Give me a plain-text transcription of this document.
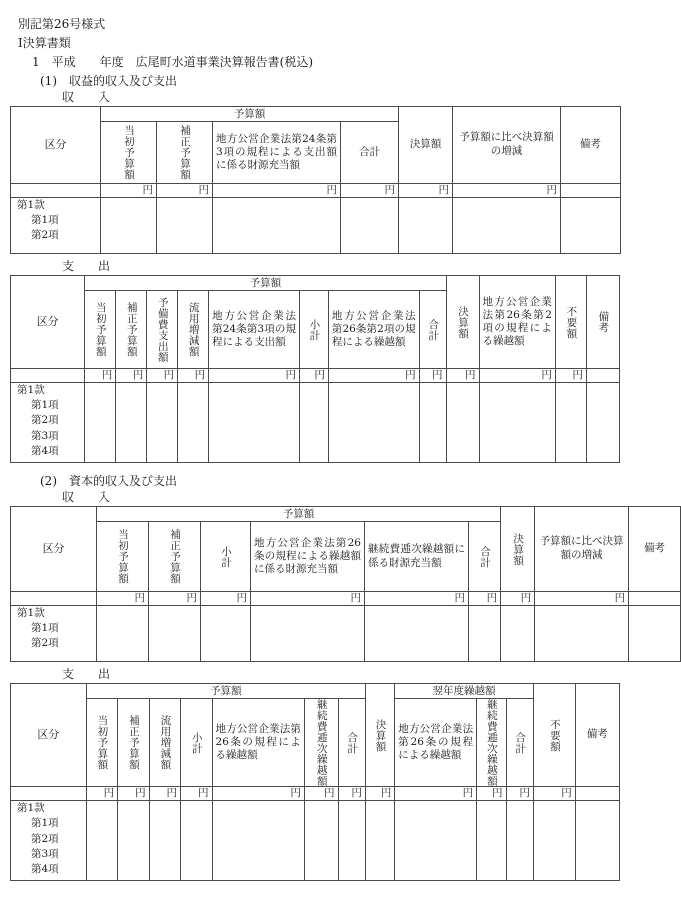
別記第26号様式
Ⅰ決算書類
1　平成　　年度　広尾町水道事業決算報告書(税込)
(1)　収益的収入及び支出
収　　入
区分	予算額				決算額	予算額に比べ決算額の増減	備考

	当初予算額	補正予算額	地方公営企業法第24条第3項の規程による支出額に係る財源充当額	合計			

	円	円	円	円	円	円	

第1款
第1項
第2項							

支　　出
区分	予算額								決算額	地方公営企業法第26条第2項の規程による繰越額	不要額	備考

	当初予算額	補正予算額	予備費支出額	流用増減額	地方公営企業法第24条第3項の規程による支出額	小計	地方公営企業法第26条第2項の規程による繰越額	合計				

	円	円	円	円	円	円	円	円	円	円	円	

第1款
第1項
第2項
第3項
第4項												

(2)　資本的収入及び支出
収　　入
区分	予算額						決算額	予算額に比べ決算額の増減	備考

	当初予算額	補正予算額	小計	地方公営企業法第26条の規程による繰越額に係る財源充当額	継続費逓次繰越額に係る財源充当額	合計			

	円	円	円	円	円	円	円	円	

第1款
第1項
第2項									

支　　出
区分	予算額							決算額	翌年度繰越額			不要額	備考

	当初予算額	補正予算額	流用増減額	小計	地方公営企業法第26条の規程による繰越額	継続費逓次繰越額	合計		地方公営企業法第26条の規程による繰越額	継続費逓次繰越額	合計		

	円	円	円	円	円	円	円	円	円	円	円	円	

第1款
第1項
第2項
第3項
第4項													
